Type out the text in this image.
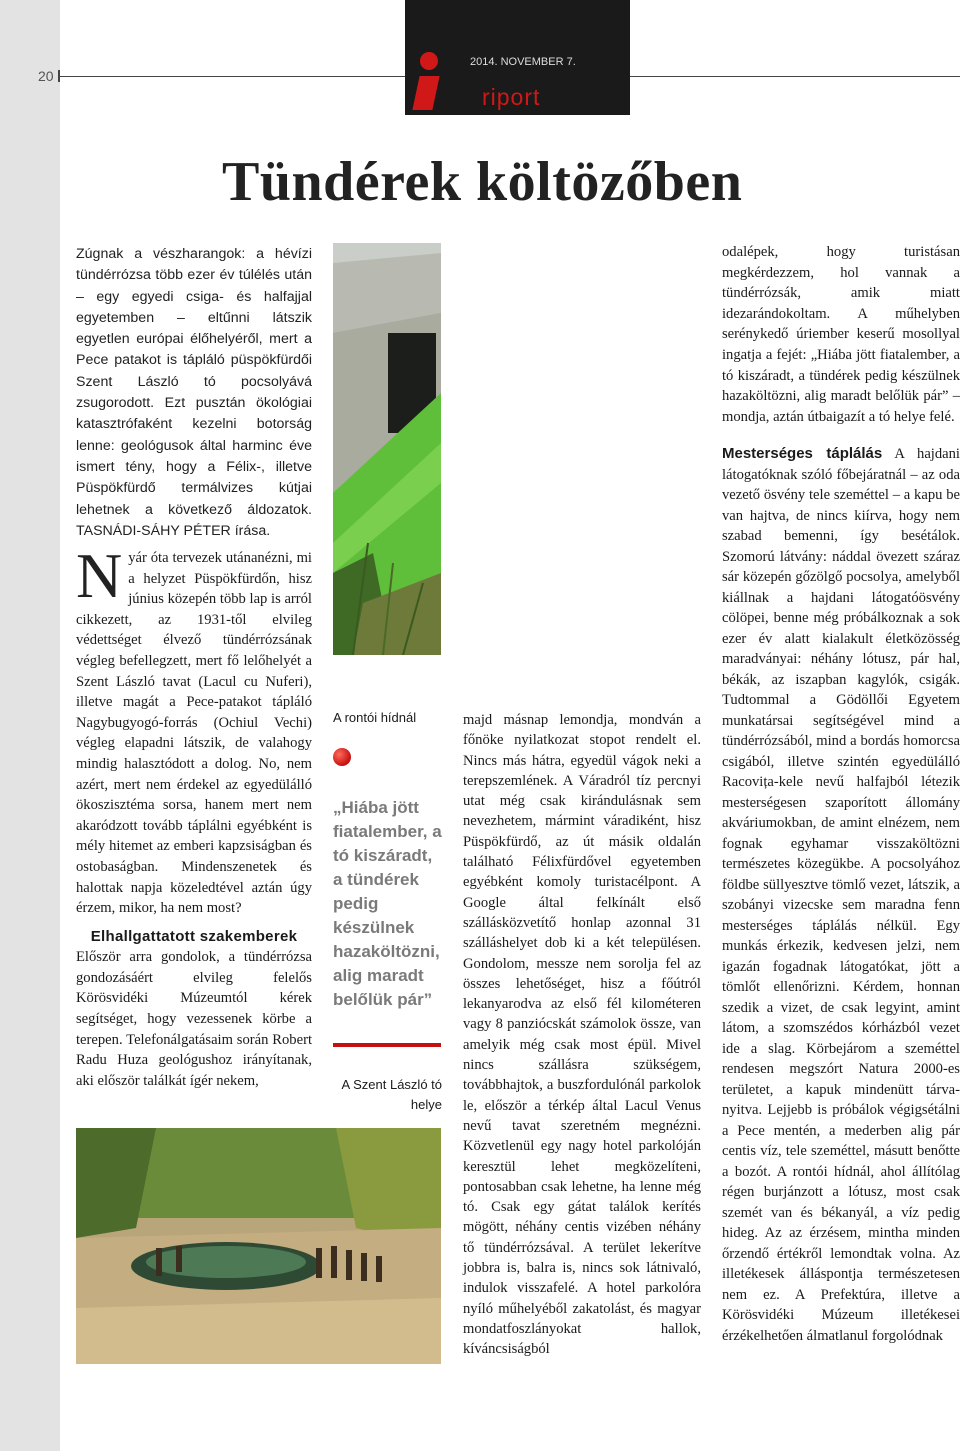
20
2014. NOVEMBER 7.
riport
Tündérek költözőben
Zúgnak a vészharangok: a hévízi tündérrózsa több ezer év túlélés után – egy egyedi csiga- és halfajjal egyetemben – eltűnni látszik egyetlen európai élőhelyéről, mert a Pece patakot is tápláló püspökfürdői Szent László tó pocsolyává zsugorodott. Ezt pusztán ökológiai katasztrófaként kezelni botorság lenne: geológusok által harminc éve ismert tény, hogy a Félix-, illetve Püspökfürdő termálvizes kútjai lehetnek a következő áldozatok. TASNÁDI-SÁHY PÉTER írása.
A rontói hídnál
„Hiába jött fiatalember, a tó kiszáradt, a tündérek pedig készülnek hazaköltözni, alig maradt belőlük pár”
A Szent László tó helye
N yár óta tervezek utánanézni, mi a helyzet Püspökfürdőn, hisz június közepén több lap is arról cikkezett, az 1931-től elvileg védettséget élvező tündérrózsának végleg befellegzett, mert fő lelőhelyét a Szent László tavat (Lacul cu Nuferi), illetve magát a Pece-patakot tápláló Nagybugyogó-forrás (Ochiul Vechi) végleg elapadni látszik, de valahogy mindig halasztódott a dolog. No, nem azért, mert nem érdekel az egyedülálló ökoszisztéma sorsa, hanem mert nem akaródzott tovább táplálni egyébként is mély hitemet az emberi kapzsiságban és ostobaságban. Mindenszenetek és halottak napja közeledtével aztán úgy érzem, mikor, ha nem most?

Elhallgattatott szakemberek

Először arra gondolok, a tündérrózsa gondozásáért elvileg felelős Körösvidéki Múzeumtól kérek segítséget, hogy vezessenek körbe a terepen. Telefonálgatásaim során Robert Radu Huza geológushoz irányítanak, aki először találkát ígér nekem,

majd másnap lemondja, mondván a főnöke nyilatkozat stopot rendelt el. Nincs más hátra, egyedül vágok neki a terepszemlének. A Váradról tíz percnyi utat még csak kirándulásnak sem nevezhetem, mármint váradiként, hisz Püspökfürdő, az út másik oldalán található Félixfürdővel egyetemben egyébként komoly turistacélpont. A Google által felkínált első szállásközvetítő honlap azonnal 31 szálláshelyet dob ki a két településen. Gondolom, messze nem sorolja fel az összes lehetőséget, hisz a főútról lekanyarodva az első fél kilométeren vagy 8 panziócskát számolok össze, van amelyik még csak most épül. Mivel nincs szállásra szükségem, továbbhajtok, a buszfordulónál parkolok le, először a térkép által Lacul Venus nevű tavat szeretném megnézni. Közvetlenül egy nagy hotel parkolóján keresztül lehet megközelíteni, pontosabban csak lehetne, ha lenne még tó. Csak egy gátat találok kerítés mögött, néhány centis vizében néhány tő tündérrózsával. A terület lekerítve jobbra is, balra is, nincs sok látnivaló, indulok visszafelé. A hotel parkolóra nyíló műhelyéből zakatolást, és magyar mondatfoszlányokat hallok, kíváncsiságból

odalépek, hogy turistásan megkérdezzem, hol vannak a tündérrózsák, amik miatt idezarándokoltam. A műhelyben serénykedő úriember keserű mosollyal ingatja a fejét: „Hiába jött fiatalember, a tó kiszáradt, a tündérek pedig készülnek hazaköltözni, alig maradt belőlük pár” – mondja, aztán útbaigazít a tó helye felé.

Mesterséges táplálás A hajdani látogatóknak szóló főbejáratnál – az oda vezető ösvény tele szeméttel – a kapu be van hajtva, de nincs kiírva, hogy nem szabad bemenni, így besétálok. Szomorú látvány: náddal övezett száraz sár közepén gőzölgő pocsolya, amelyből kiállnak a hajdani látogatóösvény cölöpei, benne még próbálkoznak a sok ezer év alatt kialakult életközösség maradványai: néhány lótusz, pár hal, békák, az iszapban kagylók, csigák. Tudtommal a Gödöllői Egyetem munkatársai segítségével mind a tündérrózsából, mind a bordás homorcsa csigából, illetve szintén egyedülálló Racovița-kele nevű halfajból létezik mesterségesen szaporított állomány akváriumokban, de amint elnézem, nem fognak egyhamar visszaköltözni természetes közegükbe. A pocsolyához földbe süllyesztve tömlő vezet, látszik, a szobányi vizecske sem maradna fenn mesterséges táplálás nélkül. Egy munkás érkezik, kedvesen jelzi, nem igazán fogadnak látogatókat, jött a tömlőt ellenőrizni. Kérdem, honnan szedik a vizet, de csak legyint, amint látom, a szomszédos kórházból vezet ide a slag. Körbejárom a szeméttel rendesen megszórt Natura 2000-es területet, a kapuk mindenütt tárva-nyitva. Lejjebb is próbálok végigsétálni a Pece mentén, a mederben alig pár centis víz, tele szeméttel, másutt benőtte a bozót. A rontói hídnál, ahol állítólag régen burjánzott a lótusz, most csak szemét van és békanyál, a víz pedig hideg. Az az érzésem, mintha minden őrzendő értékről lemondtak volna. Az illetékesek álláspontja természetesen nem ez. A Prefektúra, illetve a Körösvidéki Múzeum illetékesei érzékelhetően álmatlanul forgolódnak
